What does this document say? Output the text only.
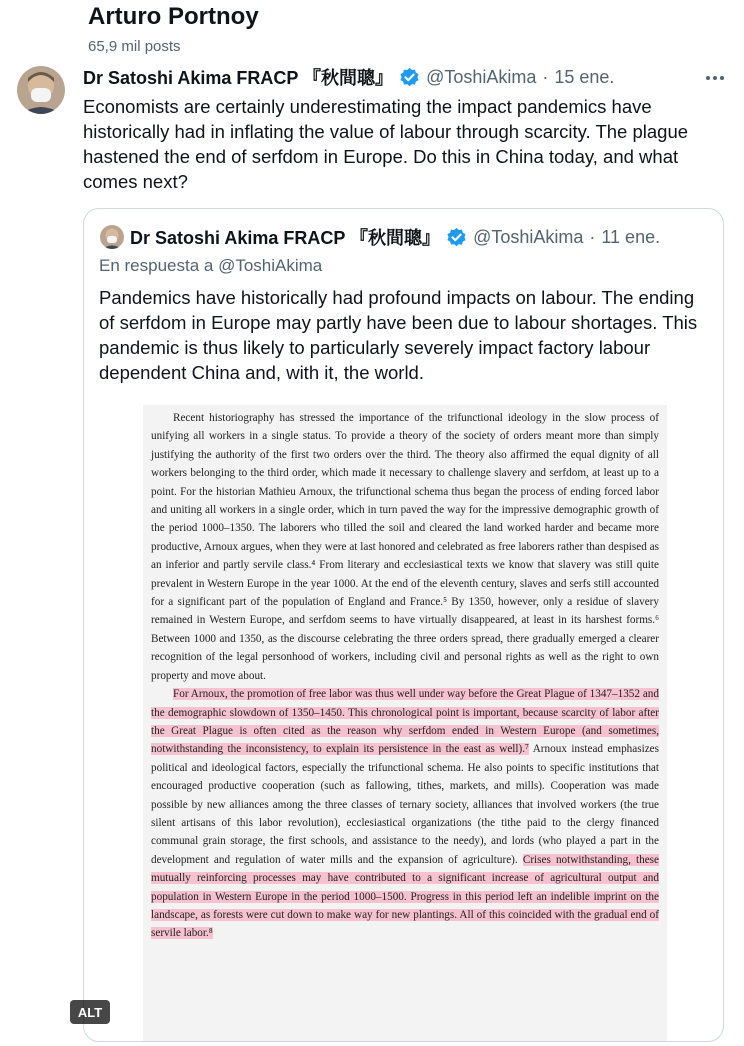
Arturo Portnoy
65,9 mil posts
Dr Satoshi Akima FRACP 『秋間聰』 @ToshiAkima · 15 ene.
Economists are certainly underestimating the impact pandemics have historically had in inflating the value of labour through scarcity. The plague hastened the end of serfdom in Europe. Do this in China today, and what comes next?
Dr Satoshi Akima FRACP 『秋間聰』 @ToshiAkima · 11 ene.
En respuesta a @ToshiAkima
Pandemics have historically had profound impacts on labour. The ending of serfdom in Europe may partly have been due to labour shortages. This pandemic is thus likely to particularly severely impact factory labour dependent China and, with it, the world.

Recent historiography has stressed the importance of the trifunctional ideology in the slow process of unifying all workers in a single status. To provide a theory of the society of orders meant more than simply justifying the authority of the first two orders over the third. The theory also affirmed the equal dignity of all workers belonging to the third order, which made it necessary to challenge slavery and serfdom, at least up to a point. For the historian Mathieu Arnoux, the trifunctional schema thus began the process of ending forced labor and uniting all workers in a single order, which in turn paved the way for the impressive demographic growth of the period 1000–1350. The laborers who tilled the soil and cleared the land worked harder and became more productive, Arnoux argues, when they were at last honored and celebrated as free laborers rather than despised as an inferior and partly servile class.⁴ From literary and ecclesiastical texts we know that slavery was still quite prevalent in Western Europe in the year 1000. At the end of the eleventh century, slaves and serfs still accounted for a significant part of the population of England and France.⁵ By 1350, however, only a residue of slavery remained in Western Europe, and serfdom seems to have virtually disappeared, at least in its harshest forms.⁶ Between 1000 and 1350, as the discourse celebrating the three orders spread, there gradually emerged a clearer recognition of the legal personhood of workers, including civil and personal rights as well as the right to own property and move about.

For Arnoux, the promotion of free labor was thus well under way before the Great Plague of 1347–1352 and the demographic slowdown of 1350–1450. This chronological point is important, because scarcity of labor after the Great Plague is often cited as the reason why serfdom ended in Western Europe (and sometimes, notwithstanding the inconsistency, to explain its persistence in the east as well).⁷ Arnoux instead emphasizes political and ideological factors, especially the trifunctional schema. He also points to specific institutions that encouraged productive cooperation (such as fallowing, tithes, markets, and mills). Cooperation was made possible by new alliances among the three classes of ternary society, alliances that involved workers (the true silent artisans of this labor revolution), ecclesiastical organizations (the tithe paid to the clergy financed communal grain storage, the first schools, and assistance to the needy), and lords (who played a part in the development and regulation of water mills and the expansion of agriculture). Crises notwithstanding, these mutually reinforcing processes may have contributed to a significant increase of agricultural output and population in Western Europe in the period 1000–1500. Progress in this period left an indelible imprint on the landscape, as forests were cut down to make way for new plantings. All of this coincided with the gradual end of servile labor.⁸

ALT
